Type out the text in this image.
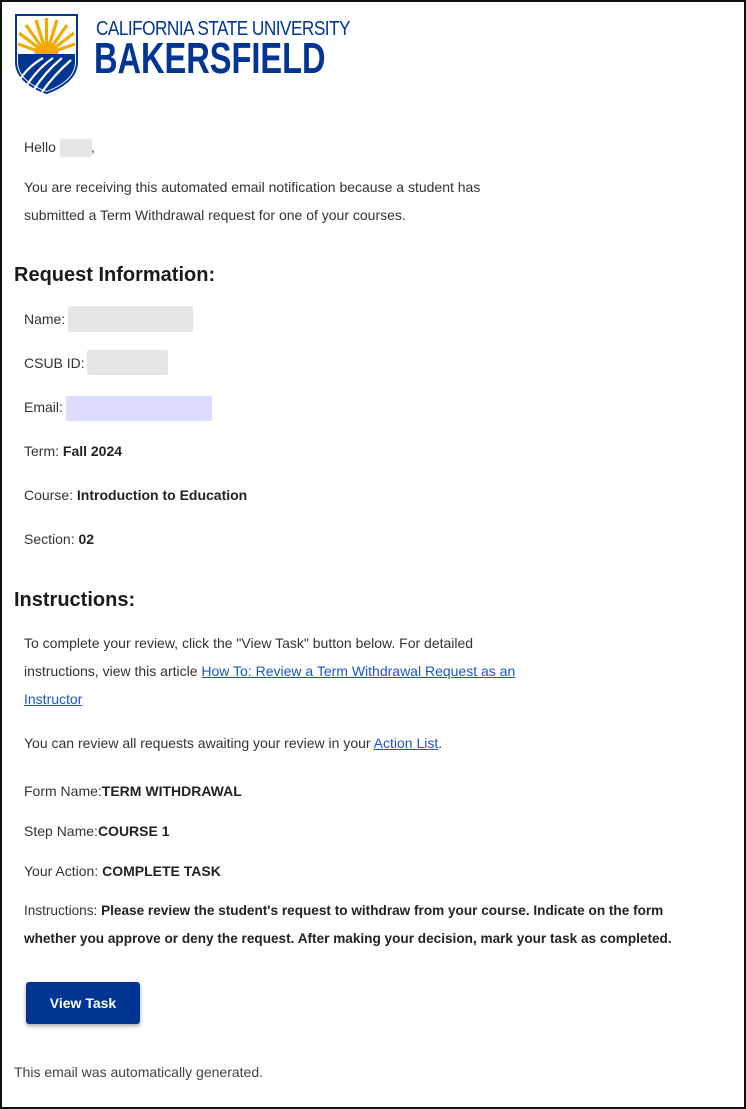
CALIFORNIA STATE UNIVERSITY
BAKERSFIELD
Hello	,
You are receiving this automated email notification because a student has
submitted a Term Withdrawal request for one of your courses.
Request Information:
Name:
CSUB ID:
Email:
Term: Fall 2024
Course: Introduction to Education
Section: 02
Instructions:
To complete your review, click the "View Task" button below. For detailed
instructions, view this article How To: Review a Term Withdrawal Request as an
Instructor
You can review all requests awaiting your review in your Action List.
Form Name:TERM WITHDRAWAL
Step Name:COURSE 1
Your Action: COMPLETE TASK
Instructions: Please review the student's request to withdraw from your course. Indicate on the form
whether you approve or deny the request. After making your decision, mark your task as completed.
View Task
This email was automatically generated.
